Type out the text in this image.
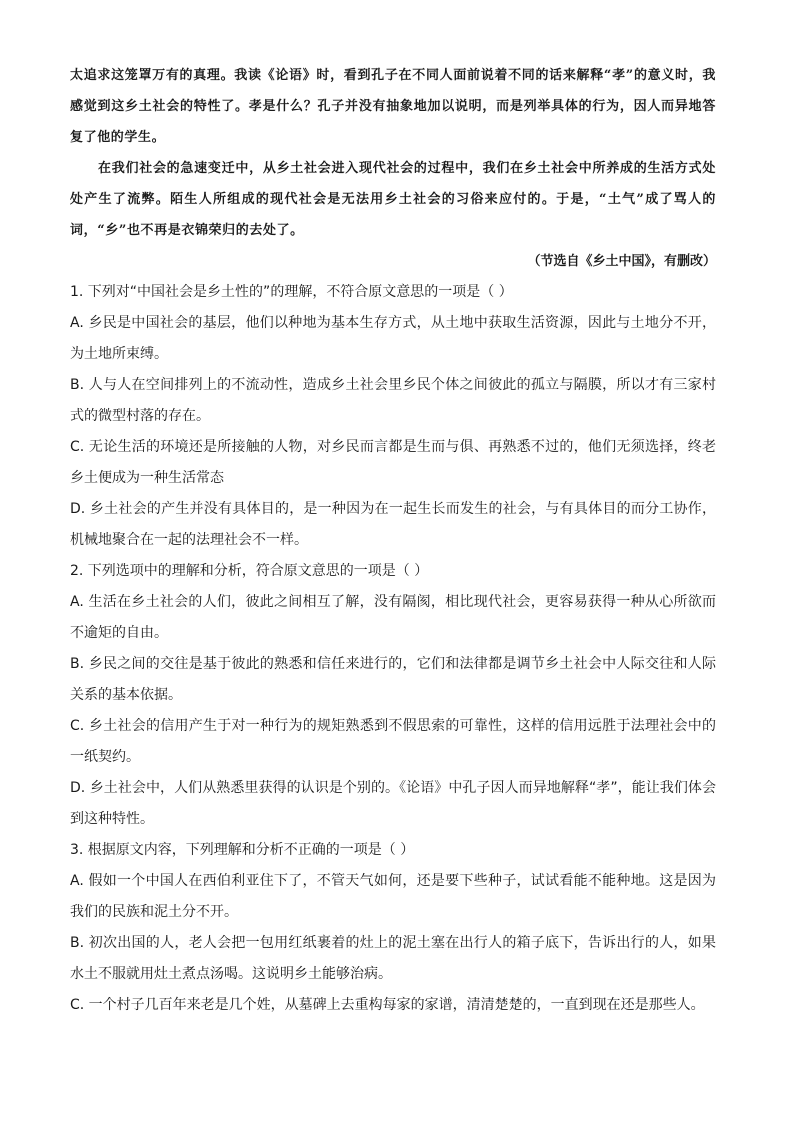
太追求这笼罩万有的真理。我读《论语》时，看到孔子在不同人面前说着不同的话来解释“孝”的意义时，我感觉到这乡土社会的特性了。孝是什么？孔子并没有抽象地加以说明，而是列举具体的行为，因人而异地答复了他的学生。

在我们社会的急速变迁中，从乡土社会进入现代社会的过程中，我们在乡土社会中所养成的生活方式处处产生了流弊。陌生人所组成的现代社会是无法用乡土社会的习俗来应付的。于是，“土气”成了骂人的词，“乡”也不再是衣锦荣归的去处了。

（节选自《乡土中国》，有删改）

1. 下列对“中国社会是乡土性的”的理解，不符合原文意思的一项是（ ）

A. 乡民是中国社会的基层，他们以种地为基本生存方式，从土地中获取生活资源，因此与土地分不开，为土地所束缚。

B. 人与人在空间排列上的不流动性，造成乡土社会里乡民个体之间彼此的孤立与隔膜，所以才有三家村式的微型村落的存在。

C. 无论生活的环境还是所接触的人物，对乡民而言都是生而与俱、再熟悉不过的，他们无须选择，终老乡土便成为一种生活常态

D. 乡土社会的产生并没有具体目的，是一种因为在一起生长而发生的社会，与有具体目的而分工协作，机械地聚合在一起的法理社会不一样。

2. 下列选项中的理解和分析，符合原文意思的一项是（ ）

A. 生活在乡土社会的人们，彼此之间相互了解，没有隔阂，相比现代社会，更容易获得一种从心所欲而不逾矩的自由。

B. 乡民之间的交往是基于彼此的熟悉和信任来进行的，它们和法律都是调节乡土社会中人际交往和人际关系的基本依据。

C. 乡土社会的信用产生于对一种行为的规矩熟悉到不假思索的可靠性，这样的信用远胜于法理社会中的一纸契约。

D. 乡土社会中，人们从熟悉里获得的认识是个别的。《论语》中孔子因人而异地解释“孝”，能让我们体会到这种特性。

3. 根据原文内容，下列理解和分析不正确的一项是（ ）

A. 假如一个中国人在西伯利亚住下了，不管天气如何，还是要下些种子，试试看能不能种地。这是因为我们的民族和泥土分不开。

B. 初次出国的人，老人会把一包用红纸裹着的灶上的泥土塞在出行人的箱子底下，告诉出行的人，如果水土不服就用灶土煮点汤喝。这说明乡土能够治病。

C. 一个村子几百年来老是几个姓，从墓碑上去重构每家的家谱，清清楚楚的，一直到现在还是那些人。
